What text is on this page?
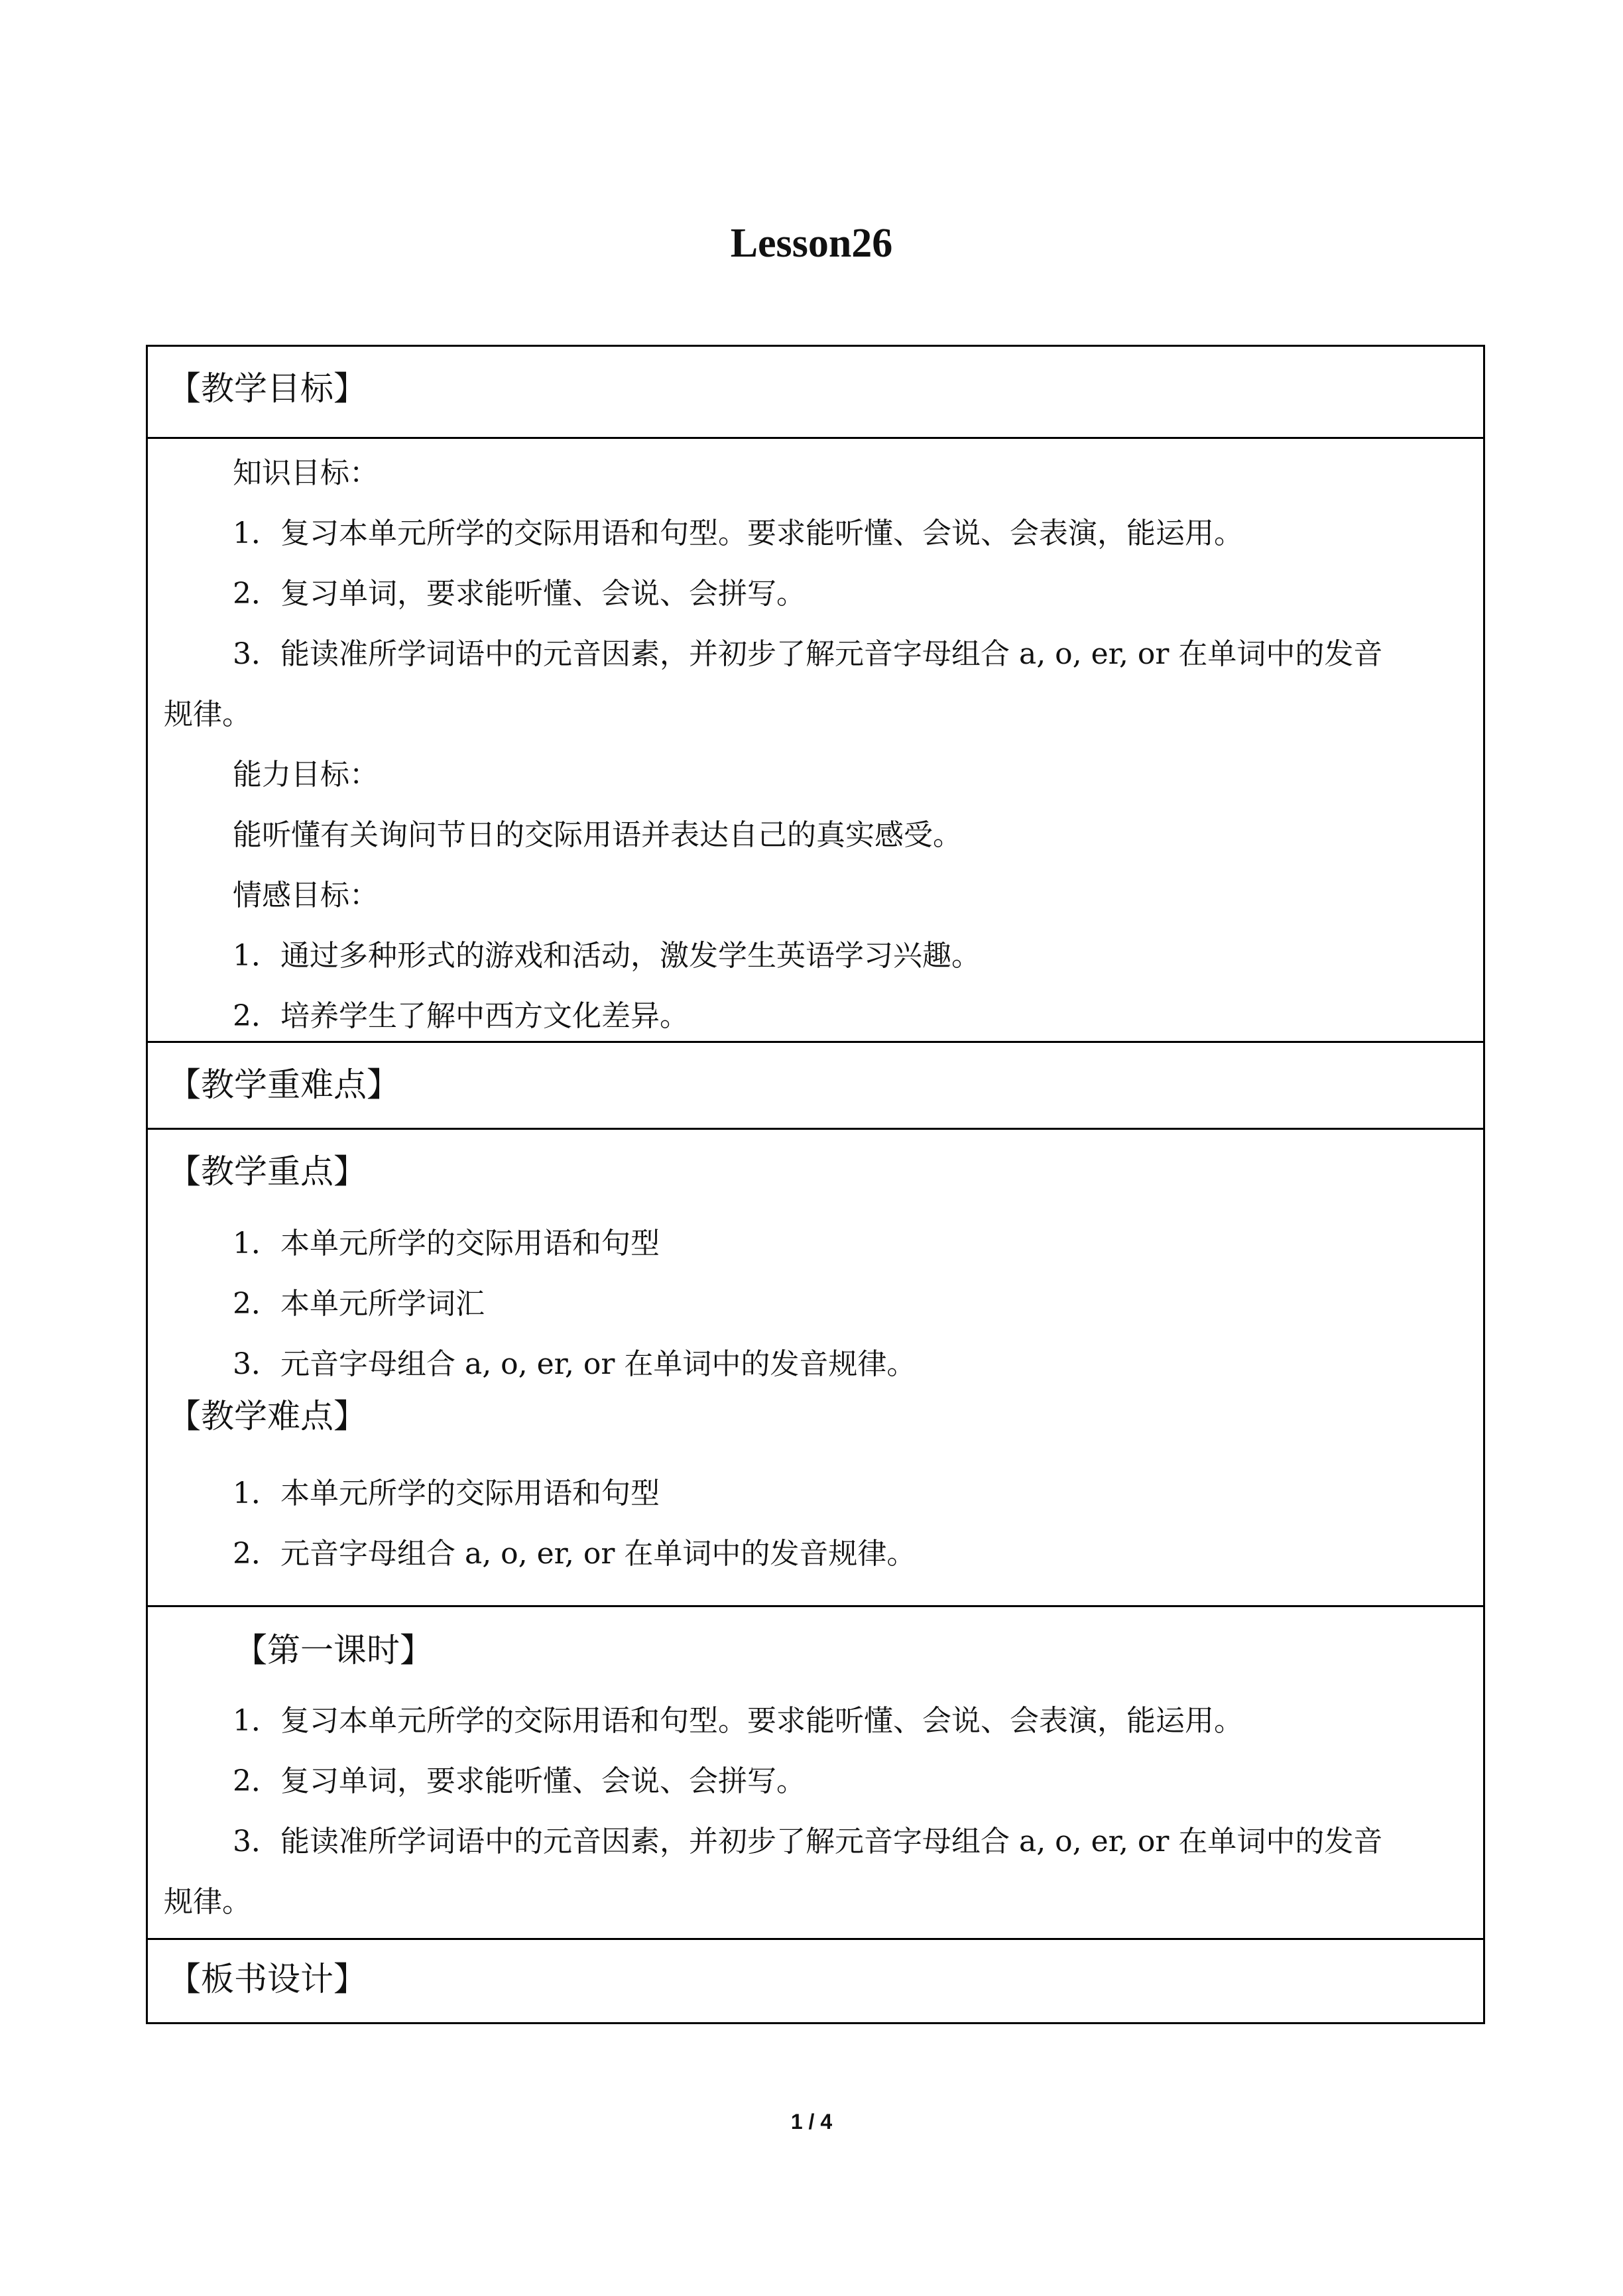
Lesson26
【教学目标】
知识目标：
1．复习本单元所学的交际用语和句型。要求能听懂、会说、会表演，能运用。
2．复习单词，要求能听懂、会说、会拼写。
3．能读准所学词语中的元音因素，并初步了解元音字母组合 a, o, er, or 在单词中的发音
规律。
能力目标：
能听懂有关询问节日的交际用语并表达自己的真实感受。
情感目标：
1．通过多种形式的游戏和活动，激发学生英语学习兴趣。
2．培养学生了解中西方文化差异。
【教学重难点】
【教学重点】
1．本单元所学的交际用语和句型
2．本单元所学词汇
3．元音字母组合 a, o, er, or 在单词中的发音规律。
【教学难点】
1．本单元所学的交际用语和句型
2．元音字母组合 a, o, er, or 在单词中的发音规律。
【第一课时】
1．复习本单元所学的交际用语和句型。要求能听懂、会说、会表演，能运用。
2．复习单词，要求能听懂、会说、会拼写。
3．能读准所学词语中的元音因素，并初步了解元音字母组合 a, o, er, or 在单词中的发音
规律。
【板书设计】
1 / 4
